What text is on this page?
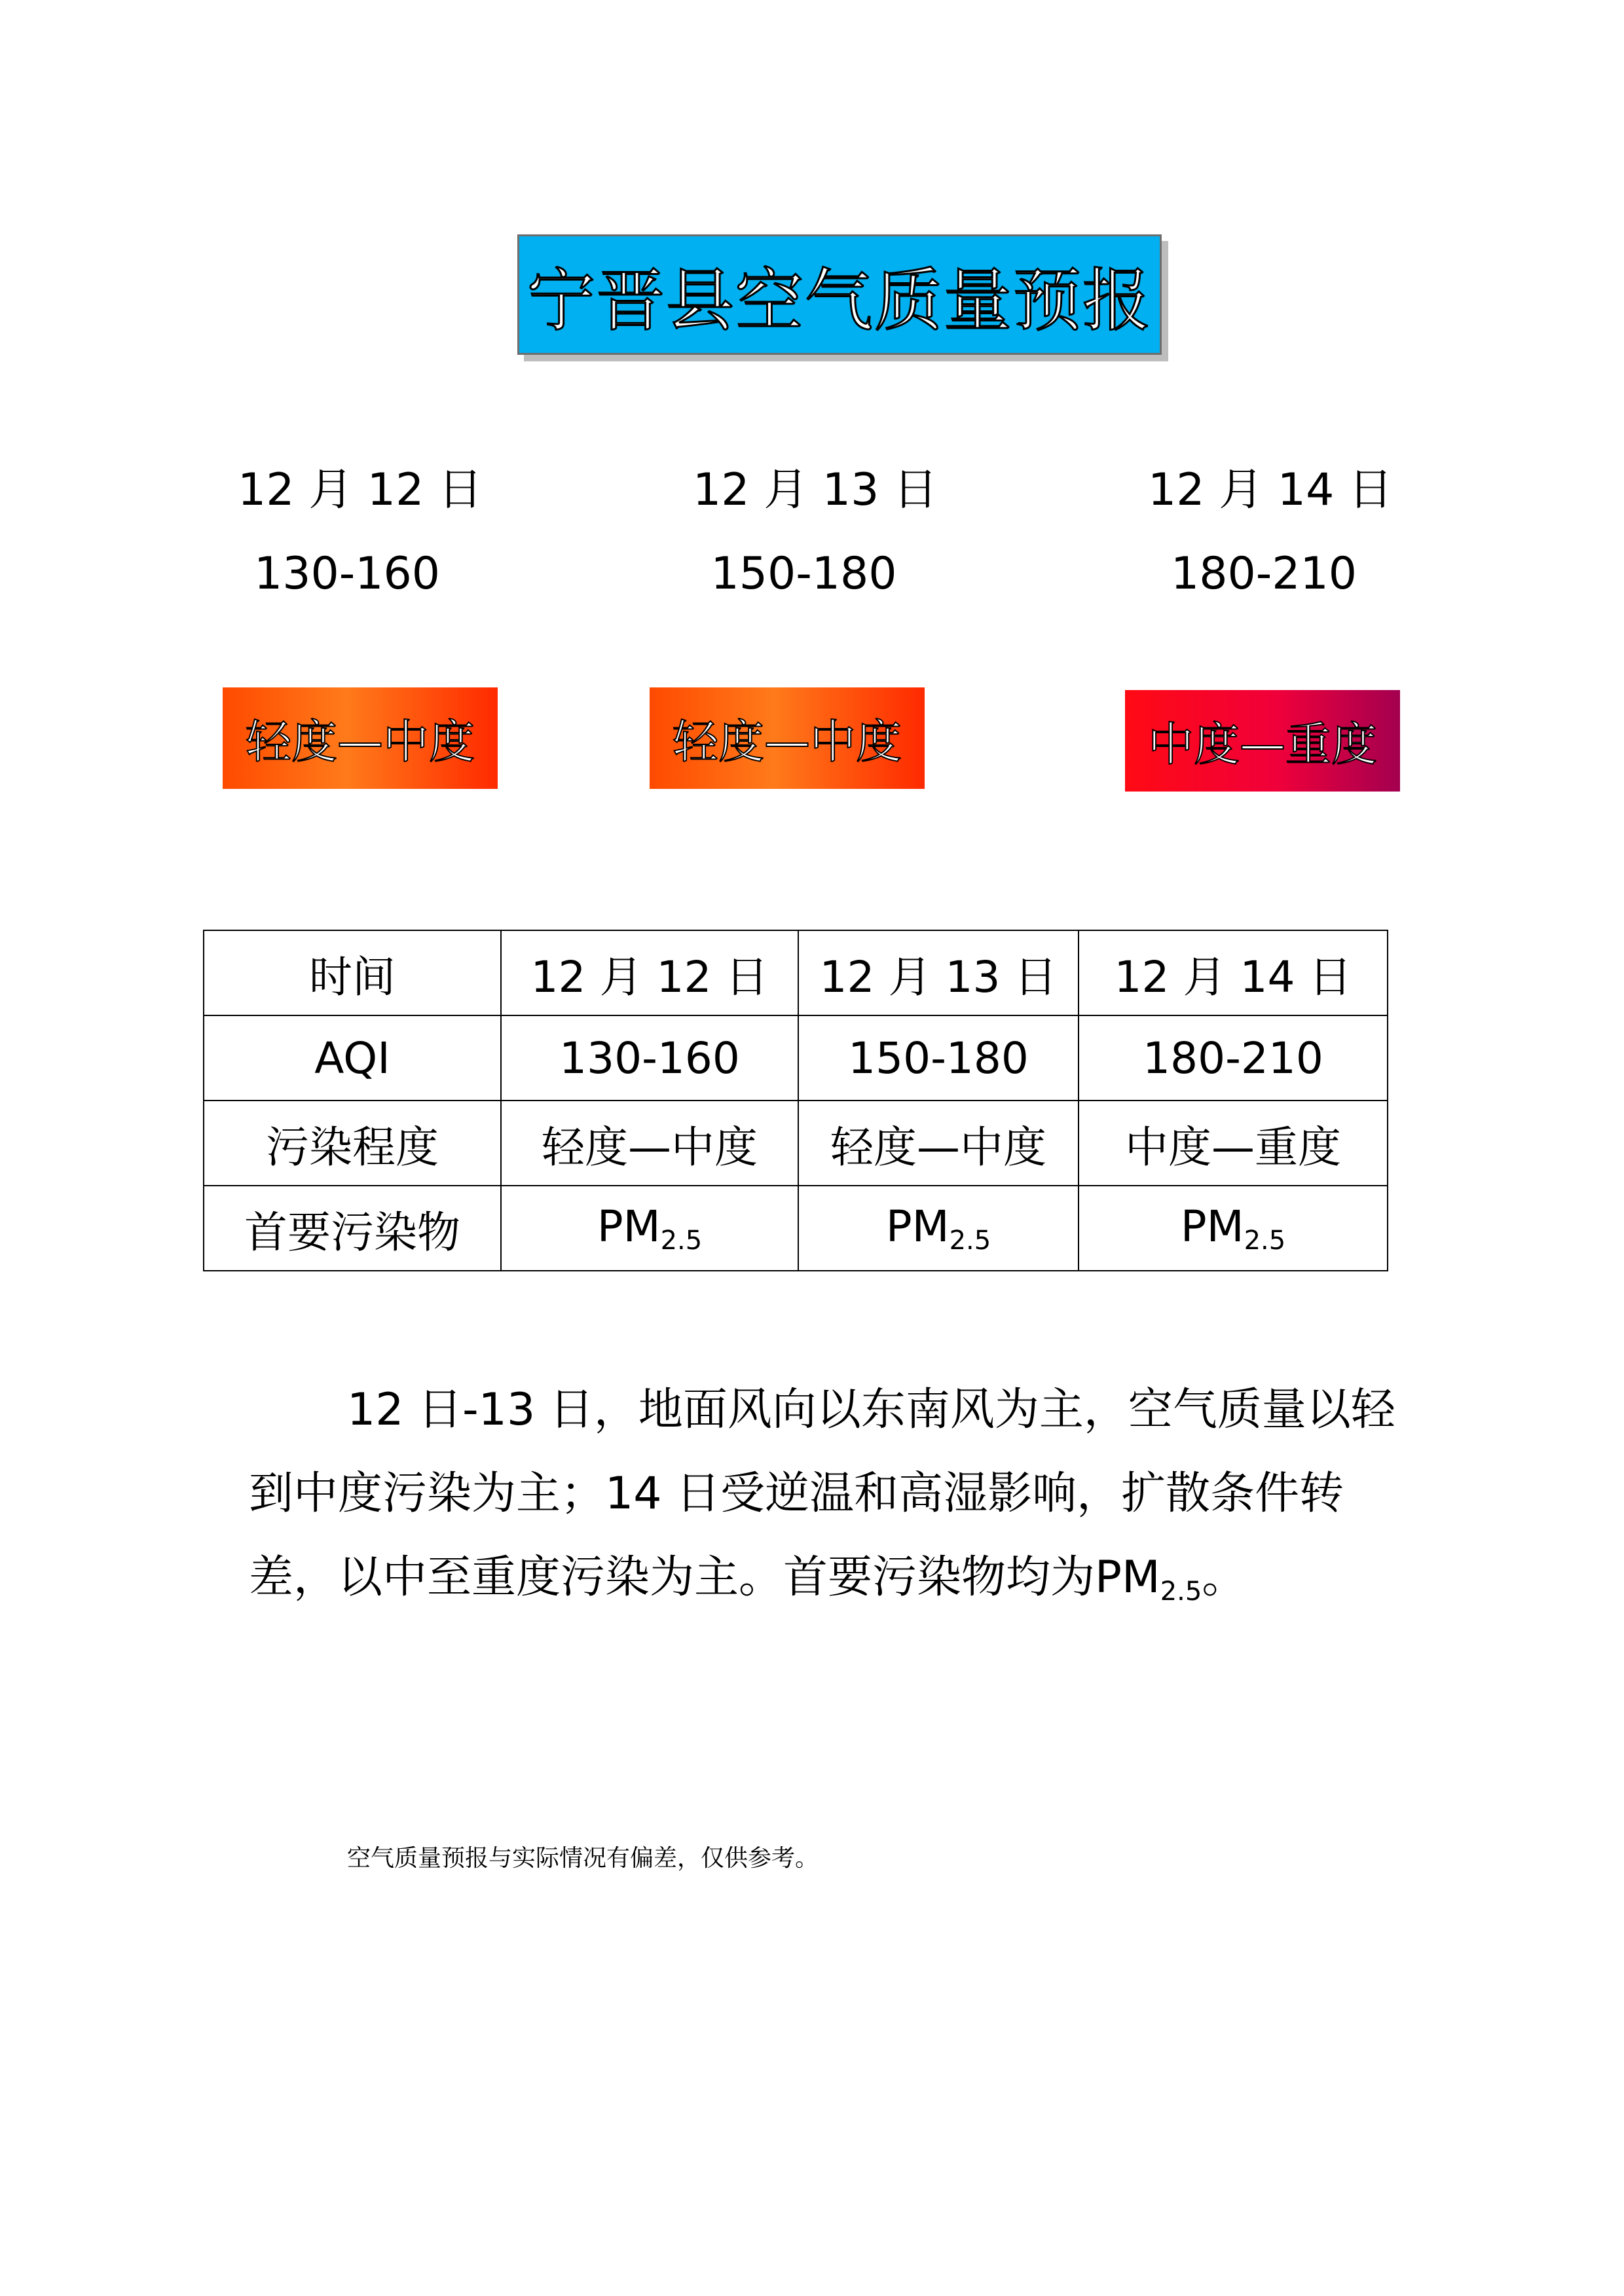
宁晋县空气质量预报
12 月 12 日
130-160
12 月 13 日
150-180
12 月 14 日
180-210
轻度—中度	轻度—中度	中度—重度
时间	12 月 12 日	12 月 13 日	12 月 14 日
AQI	130-160	150-180	180-210
污染程度	轻度—中度	轻度—中度	中度—重度
首要污染物	$PM_{2.5}$	$PM_{2.5}$	$PM_{2.5}$
12 日-13 日，地面风向以东南风为主，空气质量以轻到中度污染为主；14 日受逆温和高湿影响，扩散条件转差，以中至重度污染为主。首要污染物均为$PM_{2.5}$。
空气质量预报与实际情况有偏差，仅供参考。
